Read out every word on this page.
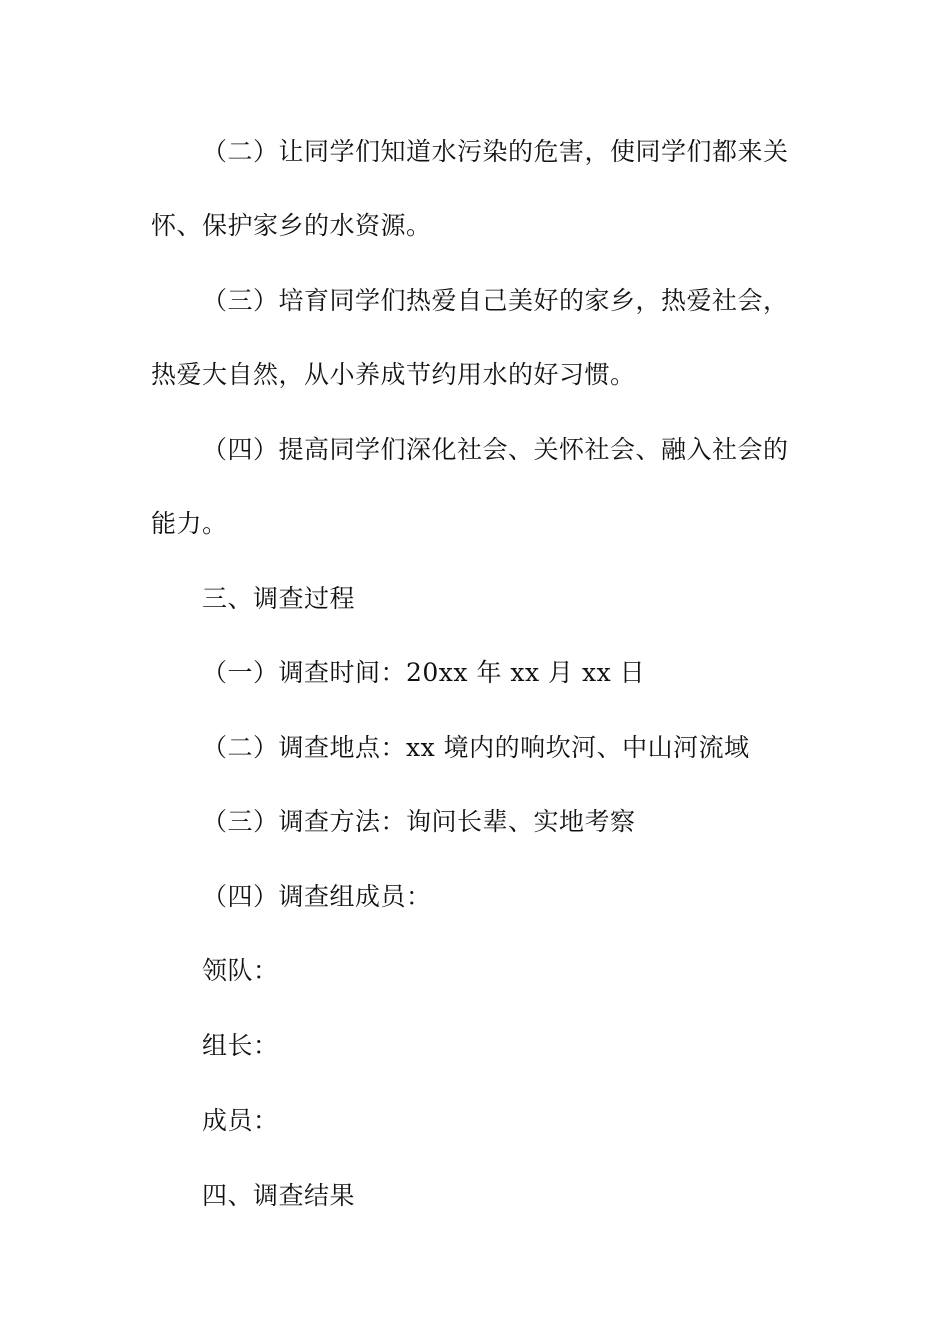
（二）让同学们知道水污染的危害，使同学们都来关
怀、保护家乡的水资源。
（三）培育同学们热爱自己美好的家乡，热爱社会，
热爱大自然，从小养成节约用水的好习惯。
（四）提高同学们深化社会、关怀社会、融入社会的
能力。
三、调查过程
（一）调查时间：20xx 年 xx 月 xx 日
（二）调查地点：xx 境内的响坎河、中山河流域
（三）调查方法：询问长辈、实地考察
（四）调查组成员：
领队：
组长：
成员：
四、调查结果
